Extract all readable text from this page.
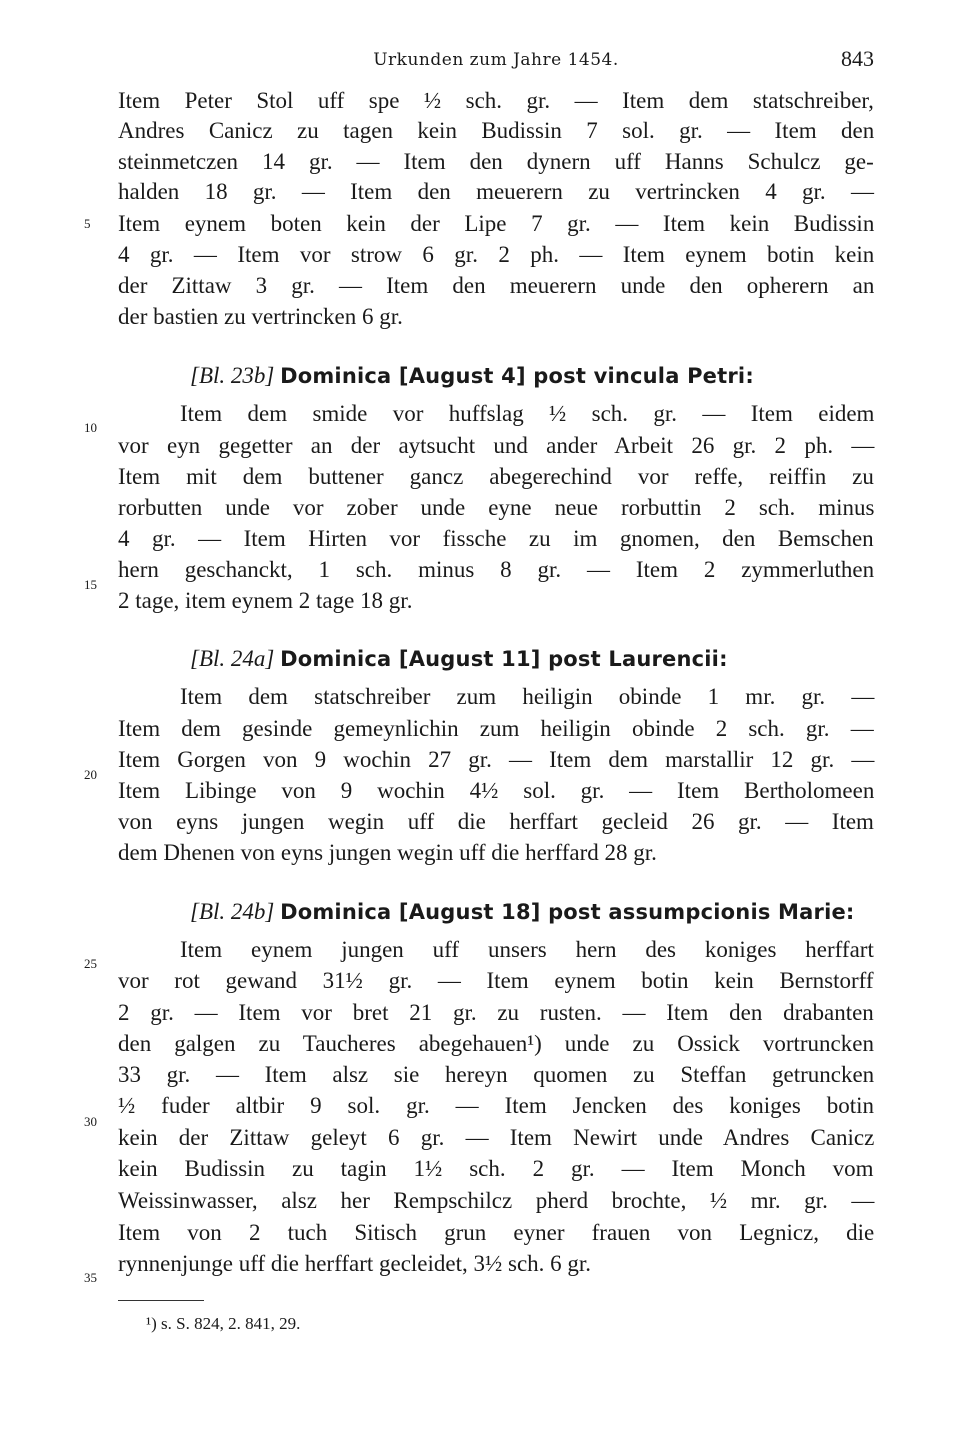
Urkunden zum Jahre 1454.	843
Item Peter Stol uff spe ½ sch. gr. — Item dem statschreiber,
Andres Canicz zu tagen kein Budissin 7 sol. gr. — Item den
steinmetczen 14 gr. — Item den dynern uff Hanns Schulcz ge-
halden 18 gr. — Item den meuerern zu vertrincken 4 gr. —
Item eynem boten kein der Lipe 7 gr. — Item kein Budissin
4 gr. — Item vor strow 6 gr. 2 ph. — Item eynem botin kein
der Zittaw 3 gr. — Item den meuerern unde den opherern an
der bastien zu vertrincken 6 gr.
[Bl. 23b] Dominica [August 4] post vincula Petri:
Item dem smide vor huffslag ½ sch. gr. — Item eidem
vor eyn gegetter an der aytsucht und ander Arbeit 26 gr. 2 ph. —
Item mit dem buttener gancz abegerechind vor reffe, reiffin zu
rorbutten unde vor zober unde eyne neue rorbuttin 2 sch. minus
4 gr. — Item Hirten vor fissche zu im gnomen, den Bemschen
hern geschanckt, 1 sch. minus 8 gr. — Item 2 zymmerluthen
2 tage, item eynem 2 tage 18 gr.
[Bl. 24a] Dominica [August 11] post Laurencii:
Item dem statschreiber zum heiligin obinde 1 mr. gr. —
Item dem gesinde gemeynlichin zum heiligin obinde 2 sch. gr. —
Item Gorgen von 9 wochin 27 gr. — Item dem marstallir 12 gr. —
Item Libinge von 9 wochin 4½ sol. gr. — Item Bertholomeen
von eyns jungen wegin uff die herffart gecleid 26 gr. — Item
dem Dhenen von eyns jungen wegin uff die herffard 28 gr.
[Bl. 24b] Dominica [August 18] post assumpcionis Marie:
Item eynem jungen uff unsers hern des koniges herffart
vor rot gewand 31½ gr. — Item eynem botin kein Bernstorff
2 gr. — Item vor bret 21 gr. zu rusten. — Item den drabanten
den galgen zu Taucheres abegehauen¹) unde zu Ossick vortruncken
33 gr. — Item alsz sie hereyn quomen zu Steffan getruncken
½ fuder altbir 9 sol. gr. — Item Jencken des koniges botin
kein der Zittaw geleyt 6 gr. — Item Newirt unde Andres Canicz
kein Budissin zu tagin 1½ sch. 2 gr. — Item Monch vom
Weissinwasser, alsz her Rempschilcz pherd brochte, ½ mr. gr. —
Item von 2 tuch Sitisch grun eyner frauen von Legnicz, die
rynnenjunge uff die herffart gecleidet, 3½ sch. 6 gr.
5
10
15
20
25
30
35
¹) s. S. 824, 2. 841, 29.
